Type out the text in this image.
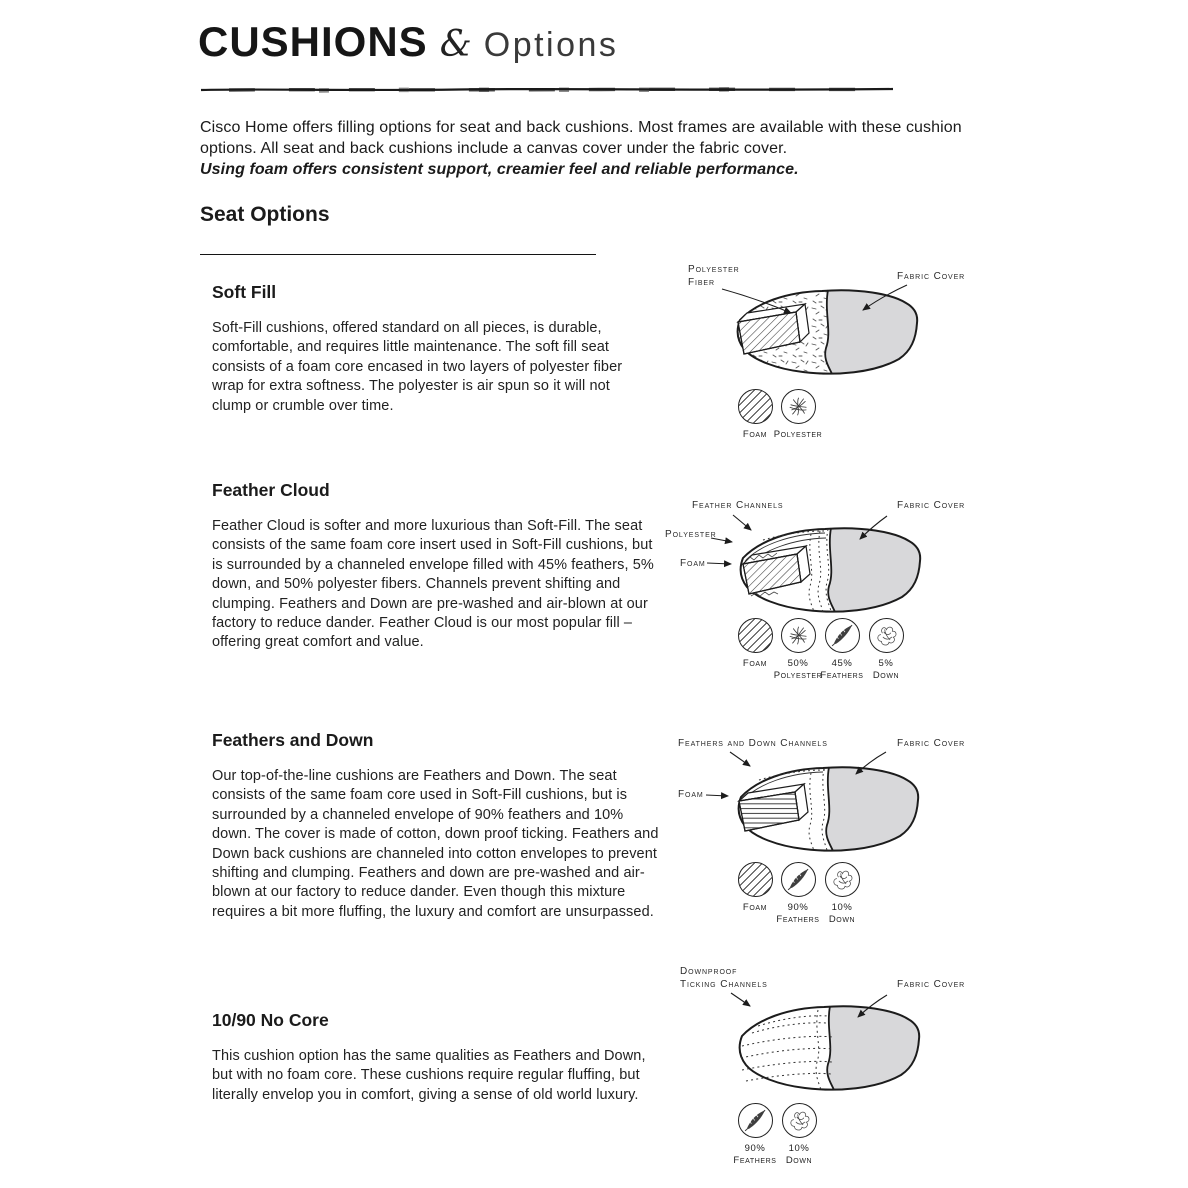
CUSHIONS & Options
Cisco Home offers filling options for seat and back cushions. Most frames are available with these cushion options. All seat and back cushions include a canvas cover under the fabric cover.
Using foam offers consistent support, creamier feel and reliable performance.
Seat Options
Soft Fill
Soft-Fill cushions, offered standard on all pieces, is durable, comfortable, and requires little maintenance. The soft fill seat consists of a foam core encased in two layers of polyester fiber wrap for extra softness. The polyester is air spun so it will not clump or crumble over time.
Polyester
Fiber
Fabric Cover
Foam Polyester
Feather Cloud
Feather Cloud is softer and more luxurious than Soft-Fill. The seat consists of the same foam core insert used in Soft-Fill cushions, but is surrounded by a channeled envelope filled with 45% feathers, 5% down, and 50% polyester fibers. Channels prevent shifting and clumping. Feathers and Down are pre-washed and air-blown at our factory to reduce dander. Feather Cloud is our most popular fill – offering great comfort and value.
Feather Channels	Fabric Cover
Polyester
Foam
Foam	50%
Polyester
45%
Feathers
5%
Down
Feathers and Down
Our top-of-the-line cushions are Feathers and Down. The seat consists of the same foam core used in Soft-Fill cushions, but is surrounded by a channeled envelope of 90% feathers and 10% down. The cover is made of cotton, down proof ticking. Feathers and Down back cushions are channeled into cotton envelopes to prevent shifting and clumping. Feathers and down are pre-washed and air-blown at our factory to reduce dander. Even though this mixture requires a bit more fluffing, the luxury and comfort are unsurpassed.
Feathers and Down Channels	Fabric Cover
Foam
Foam	90%
Feathers
10%
Down
10/90 No Core
This cushion option has the same qualities as Feathers and Down, but with no foam core. These cushions require regular fluffing, but literally envelop you in comfort, giving a sense of old world luxury.
Downproof
Ticking Channels	Fabric Cover
90%
Feathers
10%
Down
